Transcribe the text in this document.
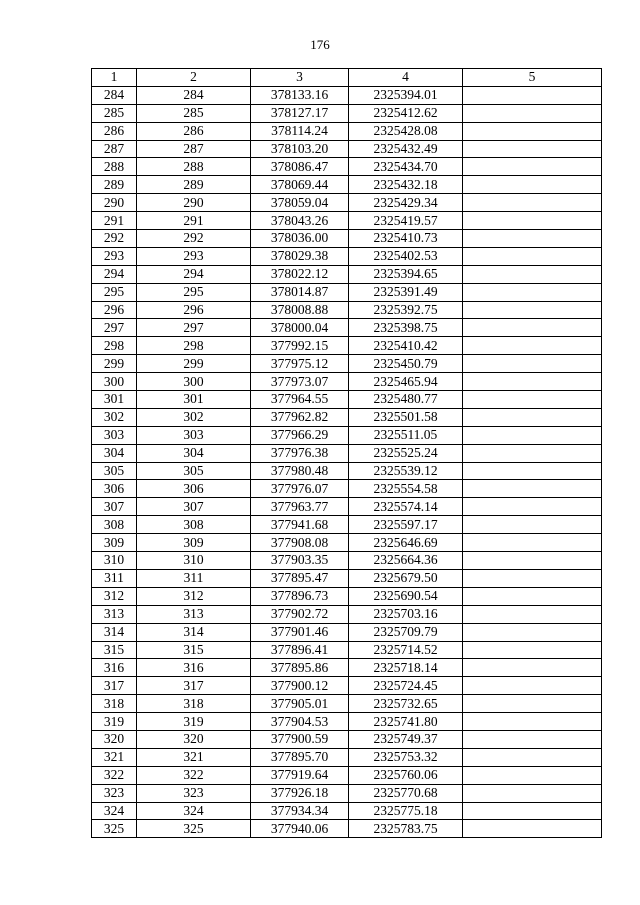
176
1	2	3	4	5
284	284	378133.16	2325394.01	
285	285	378127.17	2325412.62	
286	286	378114.24	2325428.08	
287	287	378103.20	2325432.49	
288	288	378086.47	2325434.70	
289	289	378069.44	2325432.18	
290	290	378059.04	2325429.34	
291	291	378043.26	2325419.57	
292	292	378036.00	2325410.73	
293	293	378029.38	2325402.53	
294	294	378022.12	2325394.65	
295	295	378014.87	2325391.49	
296	296	378008.88	2325392.75	
297	297	378000.04	2325398.75	
298	298	377992.15	2325410.42	
299	299	377975.12	2325450.79	
300	300	377973.07	2325465.94	
301	301	377964.55	2325480.77	
302	302	377962.82	2325501.58	
303	303	377966.29	2325511.05	
304	304	377976.38	2325525.24	
305	305	377980.48	2325539.12	
306	306	377976.07	2325554.58	
307	307	377963.77	2325574.14	
308	308	377941.68	2325597.17	
309	309	377908.08	2325646.69	
310	310	377903.35	2325664.36	
311	311	377895.47	2325679.50	
312	312	377896.73	2325690.54	
313	313	377902.72	2325703.16	
314	314	377901.46	2325709.79	
315	315	377896.41	2325714.52	
316	316	377895.86	2325718.14	
317	317	377900.12	2325724.45	
318	318	377905.01	2325732.65	
319	319	377904.53	2325741.80	
320	320	377900.59	2325749.37	
321	321	377895.70	2325753.32	
322	322	377919.64	2325760.06	
323	323	377926.18	2325770.68	
324	324	377934.34	2325775.18	
325	325	377940.06	2325783.75	
